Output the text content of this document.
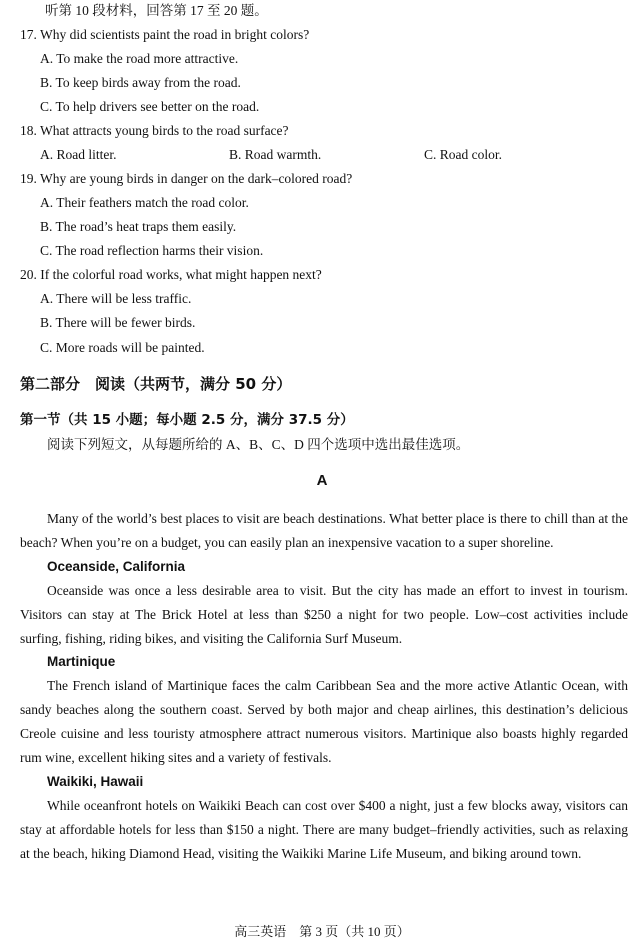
听第 10 段材料，回答第 17 至 20 题。
17. Why did scientists paint the road in bright colors?
A. To make the road more attractive.
B. To keep birds away from the road.
C. To help drivers see better on the road.
18. What attracts young birds to the road surface?
A. Road litter.	B. Road warmth.	C. Road color.
19. Why are young birds in danger on the dark–colored road?
A. Their feathers match the road color.
B. The road’s heat traps them easily.
C. The road reflection harms their vision.
20. If the colorful road works, what might happen next?
A. There will be less traffic.
B. There will be fewer birds.
C. More roads will be painted.
第二部分　阅读（共两节，满分 50 分）
第一节（共 15 小题；每小题 2.5 分，满分 37.5 分）
阅读下列短文，从每题所给的 A、B、C、D 四个选项中选出最佳选项。
A

Many of the world’s best places to visit are beach destinations. What better place is there to chill than at the beach? When you’re on a budget, you can easily plan an inexpensive vacation to a super shoreline.

Oceanside, California

Oceanside was once a less desirable area to visit. But the city has made an effort to invest in tourism. Visitors can stay at The Brick Hotel at less than $250 a night for two people. Low–cost activities include surfing, fishing, riding bikes, and visiting the California Surf Museum.

Martinique

The French island of Martinique faces the calm Caribbean Sea and the more active Atlantic Ocean, with sandy beaches along the southern coast. Served by both major and cheap airlines, this destination’s delicious Creole cuisine and less touristy atmosphere attract numerous visitors. Martinique also boasts highly regarded rum wine, excellent hiking sites and a variety of festivals.

Waikiki, Hawaii

While oceanfront hotels on Waikiki Beach can cost over $400 a night, just a few blocks away, visitors can stay at affordable hotels for less than $150 a night. There are many budget–friendly activities, such as relaxing at the beach, hiking Diamond Head, visiting the Waikiki Marine Life Museum, and biking around town.

高三英语　第 3 页（共 10 页）
